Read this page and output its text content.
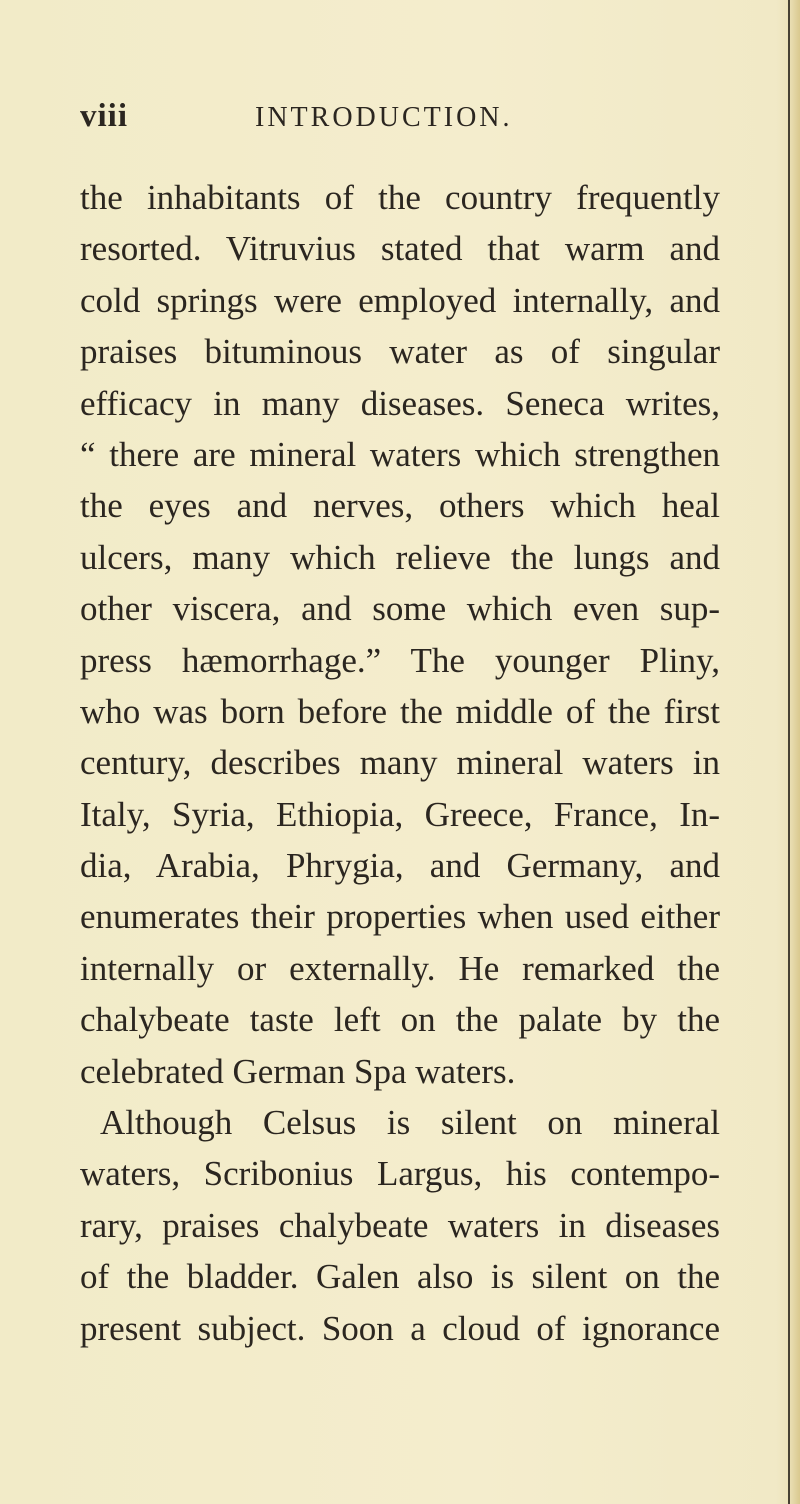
viii	INTRODUCTION.
the inhabitants of the country frequently
resorted. Vitruvius stated that warm and
cold springs were employed internally, and
praises bituminous water as of singular
efficacy in many diseases. Seneca writes,
“ there are mineral waters which strengthen
the eyes and nerves, others which heal
ulcers, many which relieve the lungs and
other viscera, and some which even sup-
press hæmorrhage.” The younger Pliny,
who was born before the middle of the first
century, describes many mineral waters in
Italy, Syria, Ethiopia, Greece, France, In-
dia, Arabia, Phrygia, and Germany, and
enumerates their properties when used either
internally or externally. He remarked the
chalybeate taste left on the palate by the
celebrated German Spa waters.
Although Celsus is silent on mineral
waters, Scribonius Largus, his contempo-
rary, praises chalybeate waters in diseases
of the bladder. Galen also is silent on the
present subject. Soon a cloud of ignorance
